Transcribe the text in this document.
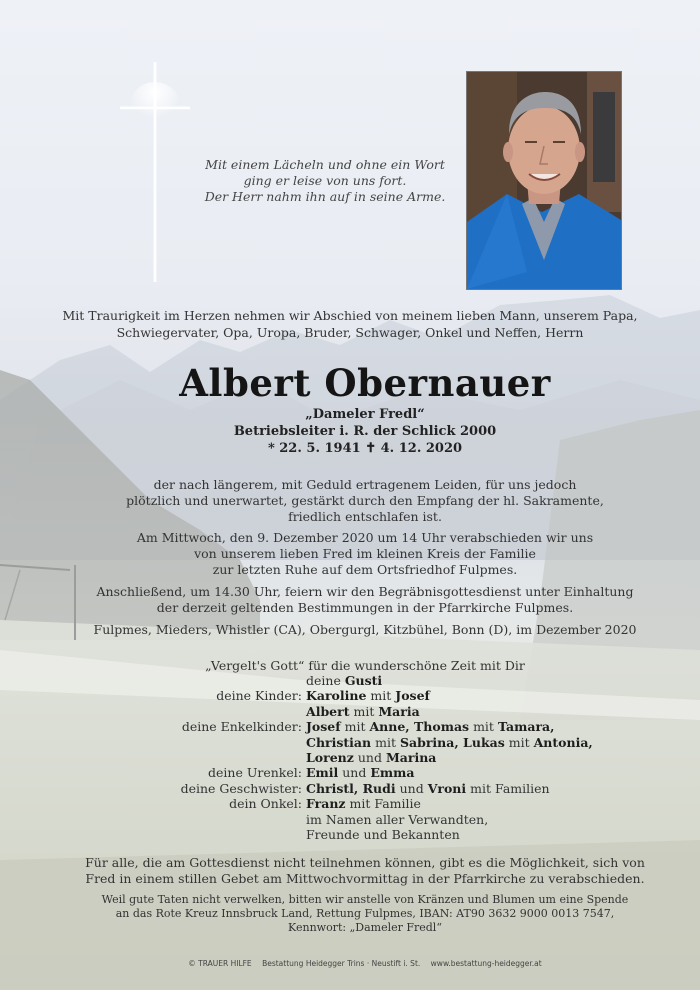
Mit einem Lächeln und ohne ein Wort
ging er leise von uns fort.
Der Herr nahm ihn auf in seine Arme.
Mit Traurigkeit im Herzen nehmen wir Abschied von meinem lieben Mann, unserem Papa,
Schwiegervater, Opa, Uropa, Bruder, Schwager, Onkel und Neffen, Herrn
Albert Obernauer
„Dameler Fredl“
Betriebsleiter i. R. der Schlick 2000
* 22. 5. 1941 ✝ 4. 12. 2020
der nach längerem, mit Geduld ertragenem Leiden, für uns jedoch
plötzlich und unerwartet, gestärkt durch den Empfang der hl. Sakramente,
friedlich entschlafen ist.
Am Mittwoch, den 9. Dezember 2020 um 14 Uhr verabschieden wir uns
von unserem lieben Fred im kleinen Kreis der Familie
zur letzten Ruhe auf dem Ortsfriedhof Fulpmes.
Anschließend, um 14.30 Uhr, feiern wir den Begräbnisgottesdienst unter Einhaltung
der derzeit geltenden Bestimmungen in der Pfarrkirche Fulpmes.
Fulpmes, Mieders, Whistler (CA), Obergurgl, Kitzbühel, Bonn (D), im Dezember 2020
„Vergelt's Gott“ für die wunderschöne Zeit mit Dir
deine Gusti
deine Kinder: Karoline mit Josef
Albert mit Maria
deine Enkelkinder: Josef mit Anne, Thomas mit Tamara,
Christian mit Sabrina, Lukas mit Antonia,
Lorenz und Marina
deine Urenkel: Emil und Emma
deine Geschwister: Christl, Rudi und Vroni mit Familien
dein Onkel: Franz mit Familie
im Namen aller Verwandten,
Freunde und Bekannten
Für alle, die am Gottesdienst nicht teilnehmen können, gibt es die Möglichkeit, sich von
Fred in einem stillen Gebet am Mittwochvormittag in der Pfarrkirche zu verabschieden.
Weil gute Taten nicht verwelken, bitten wir anstelle von Kränzen und Blumen um eine Spende
an das Rote Kreuz Innsbruck Land, Rettung Fulpmes, IBAN: AT90 3632 9000 0013 7547,
Kennwort: „Dameler Fredl“
© TRAUER HILFE Bestattung Heidegger Trins · Neustift i. St. www.bestattung-heidegger.at
